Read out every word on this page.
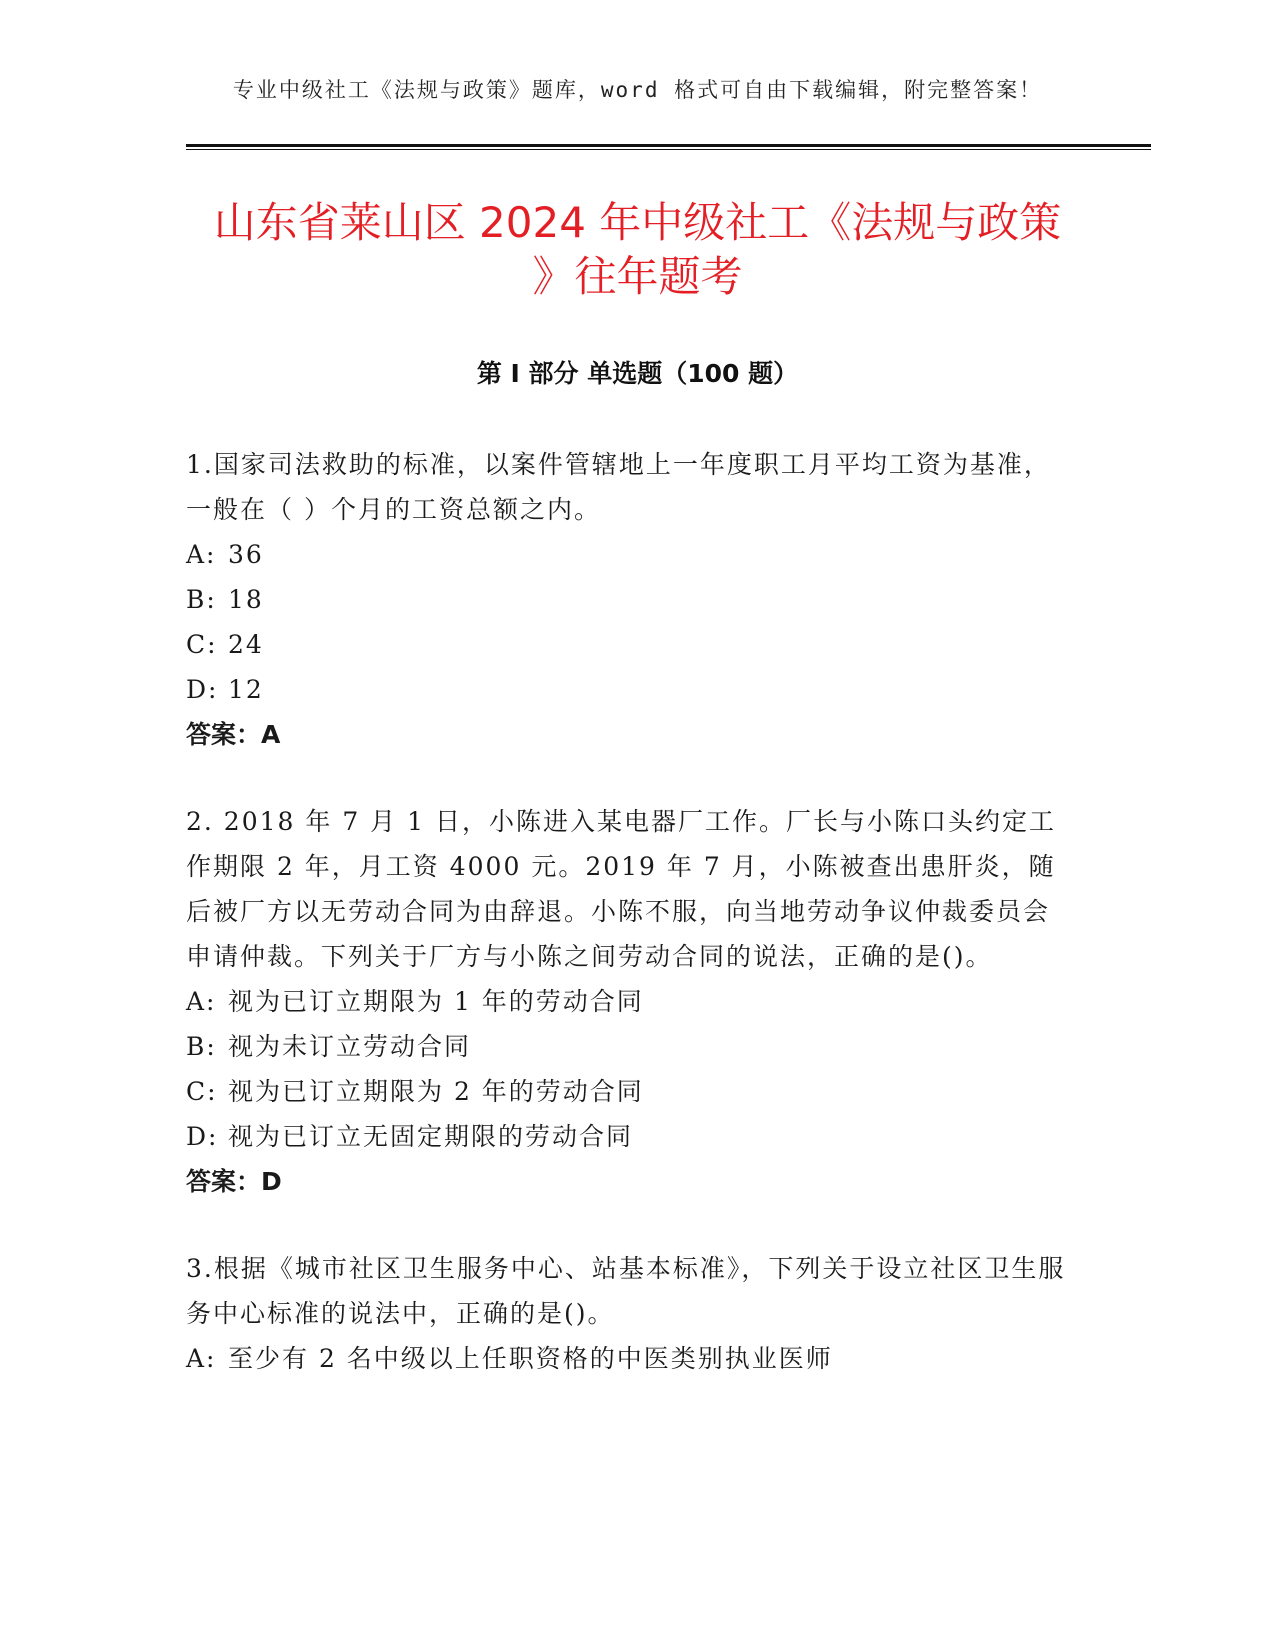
专业中级社工《法规与政策》题库，word 格式可自由下载编辑，附完整答案！
山东省莱山区 2024 年中级社工《法规与政策
》往年题考
第 I 部分 单选题（100 题）

1.国家司法救助的标准，以案件管辖地上一年度职工月平均工资为基准，一般在（ ）个月的工资总额之内。

A: 36

B: 18

C: 24

D: 12

答案：A

2. 2018 年 7 月 1 日，小陈进入某电器厂工作。厂长与小陈口头约定工作期限 2 年，月工资 4000 元。2019 年 7 月，小陈被查出患肝炎，随后被厂方以无劳动合同为由辞退。小陈不服，向当地劳动争议仲裁委员会申请仲裁。下列关于厂方与小陈之间劳动合同的说法，正确的是()。

A: 视为已订立期限为 1 年的劳动合同

B: 视为未订立劳动合同

C: 视为已订立期限为 2 年的劳动合同

D: 视为已订立无固定期限的劳动合同

答案：D

3.根据《城市社区卫生服务中心、站基本标准》，下列关于设立社区卫生服务中心标准的说法中，正确的是()。

A: 至少有 2 名中级以上任职资格的中医类别执业医师
